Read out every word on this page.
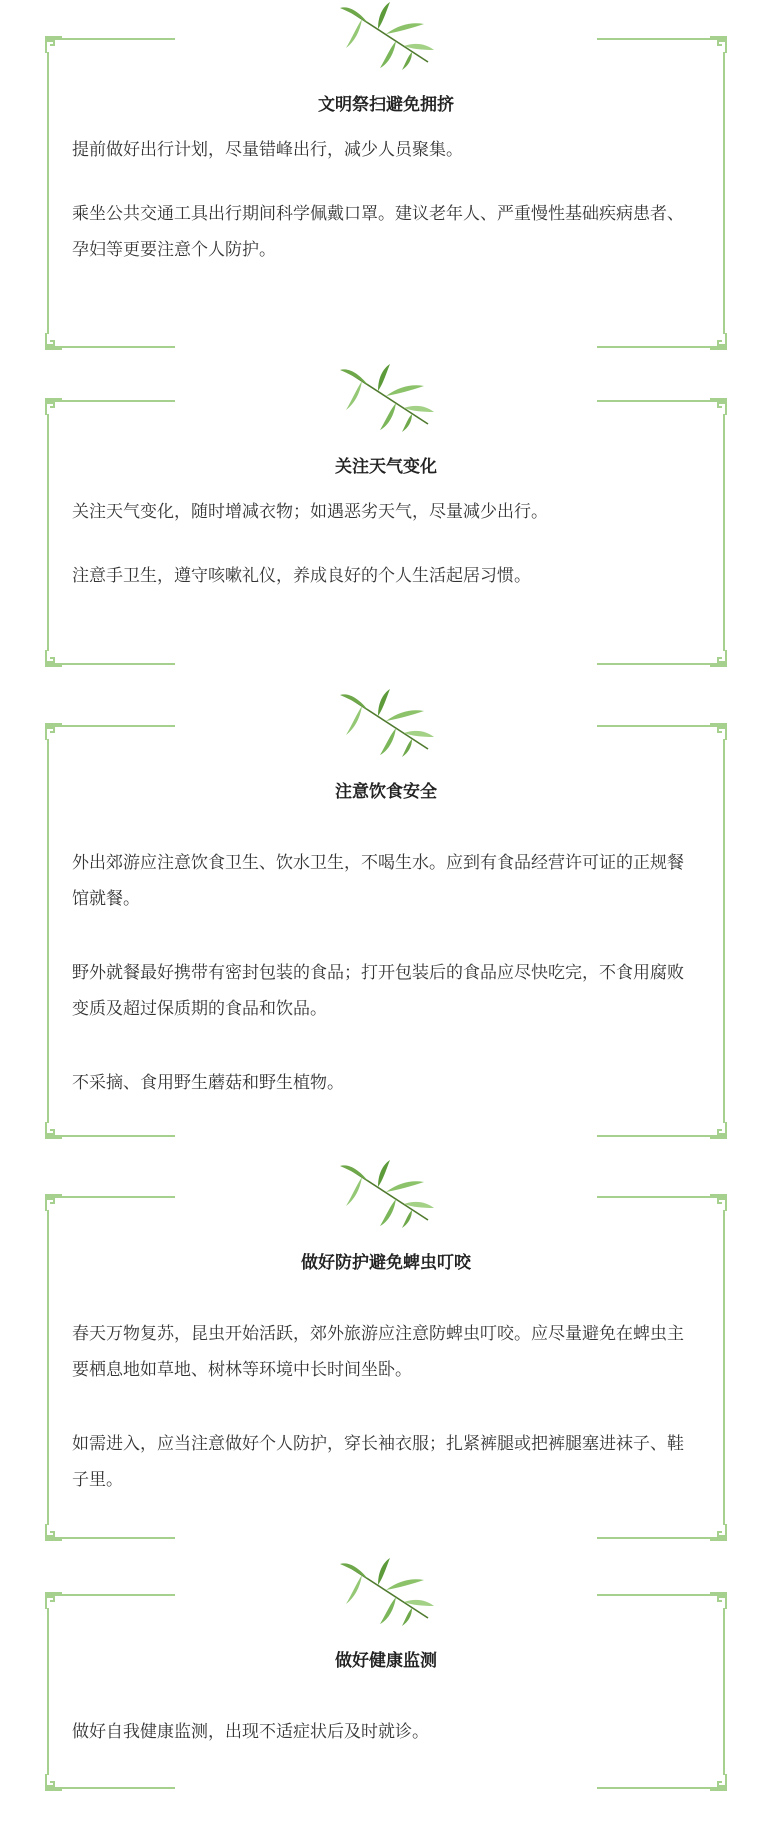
文明祭扫避免拥挤
提前做好出行计划，尽量错峰出行，减少人员聚集。
乘坐公共交通工具出行期间科学佩戴口罩。建议老年人、严重慢性基础疾病患者、孕妇等更要注意个人防护。
关注天气变化
关注天气变化，随时增减衣物；如遇恶劣天气，尽量减少出行。
注意手卫生，遵守咳嗽礼仪，养成良好的个人生活起居习惯。
注意饮食安全
外出郊游应注意饮食卫生、饮水卫生，不喝生水。应到有食品经营许可证的正规餐馆就餐。
野外就餐最好携带有密封包装的食品；打开包装后的食品应尽快吃完，不食用腐败变质及超过保质期的食品和饮品。
不采摘、食用野生蘑菇和野生植物。
做好防护避免蜱虫叮咬
春天万物复苏，昆虫开始活跃，郊外旅游应注意防蜱虫叮咬。应尽量避免在蜱虫主要栖息地如草地、树林等环境中长时间坐卧。
如需进入，应当注意做好个人防护，穿长袖衣服；扎紧裤腿或把裤腿塞进袜子、鞋子里。
做好健康监测
做好自我健康监测，出现不适症状后及时就诊。
